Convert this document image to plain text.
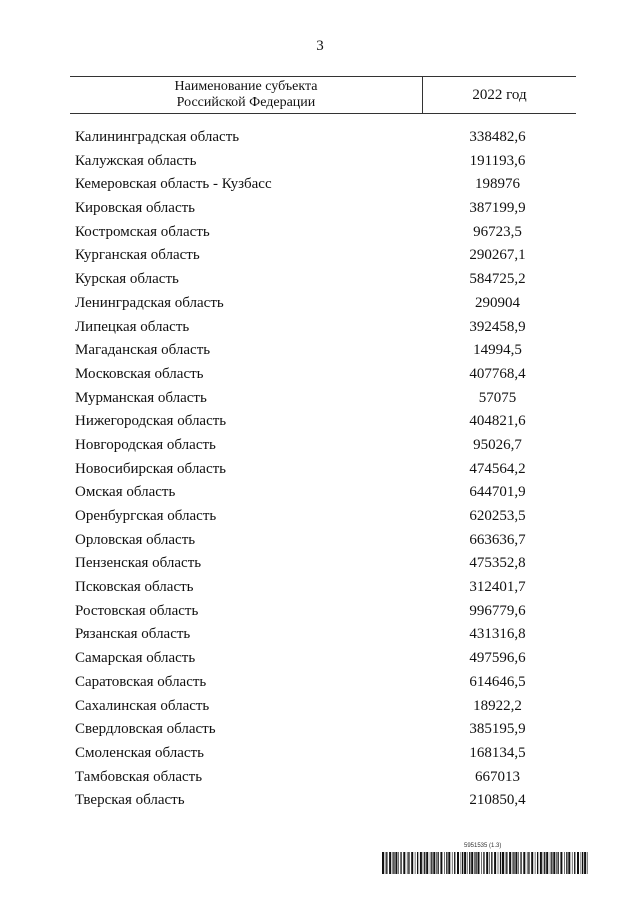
3
Наименование субъекта
Российской Федерации	2022 год
Калининградская область	338482,6
Калужская область	191193,6
Кемеровская область - Кузбасс	198976
Кировская область	387199,9
Костромская область	96723,5
Курганская область	290267,1
Курская область	584725,2
Ленинградская область	290904
Липецкая область	392458,9
Магаданская область	14994,5
Московская область	407768,4
Мурманская область	57075
Нижегородская область	404821,6
Новгородская область	95026,7
Новосибирская область	474564,2
Омская область	644701,9
Оренбургская область	620253,5
Орловская область	663636,7
Пензенская область	475352,8
Псковская область	312401,7
Ростовская область	996779,6
Рязанская область	431316,8
Самарская область	497596,6
Саратовская область	614646,5
Сахалинская область	18922,2
Свердловская область	385195,9
Смоленская область	168134,5
Тамбовская область	667013
Тверская область	210850,4
5951535 (1.3)
